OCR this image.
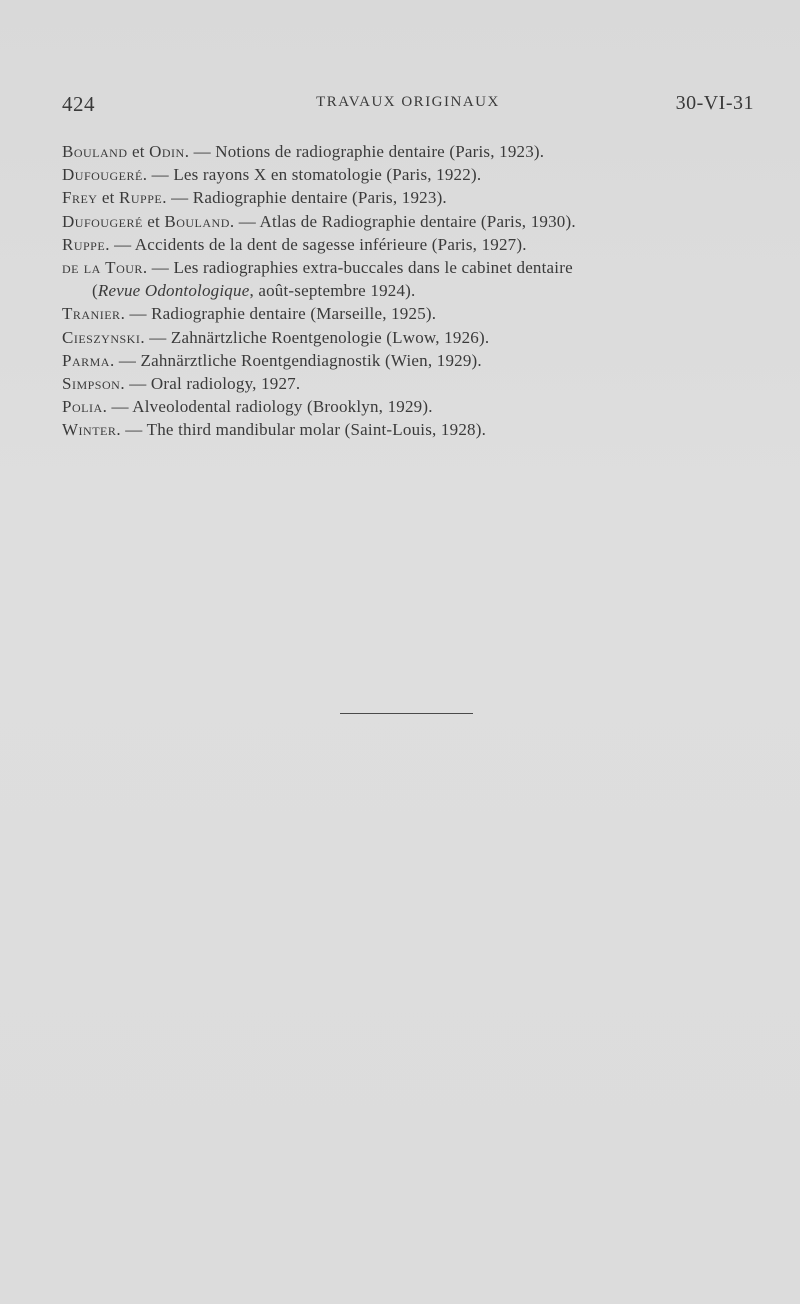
424	TRAVAUX ORIGINAUX	30-VI-31
Bouland et Odin. — Notions de radiographie dentaire (Paris, 1923).
Dufougeré. — Les rayons X en stomatologie (Paris, 1922).
Frey et Ruppe. — Radiographie dentaire (Paris, 1923).
Dufougeré et Bouland. — Atlas de Radiographie dentaire (Paris, 1930).
Ruppe. — Accidents de la dent de sagesse inférieure (Paris, 1927).
de la Tour. — Les radiographies extra-buccales dans le cabinet dentaire
(Revue Odontologique, août-septembre 1924).
Tranier. — Radiographie dentaire (Marseille, 1925).
Cieszynski. — Zahnärtzliche Roentgenologie (Lwow, 1926).
Parma. — Zahnärztliche Roentgendiagnostik (Wien, 1929).
Simpson. — Oral radiology, 1927.
Polia. — Alveolodental radiology (Brooklyn, 1929).
Winter. — The third mandibular molar (Saint-Louis, 1928).
